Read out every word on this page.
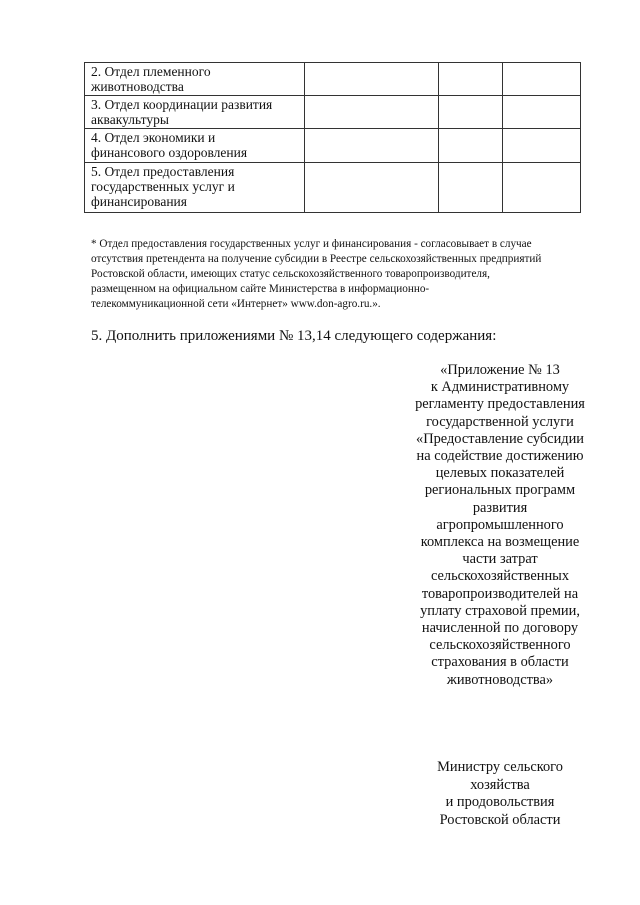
2. Отдел племенного
животноводства			
3. Отдел координации развития
аквакультуры			
4. Отдел экономики и
финансового оздоровления			
5. Отдел предоставления
государственных услуг и
финансирования			

* Отдел предоставления государственных услуг и финансирования - согласовывает в случае
отсутствия претендента на получение субсидии в Реестре сельскохозяйственных предприятий
Ростовской области, имеющих статус сельскохозяйственного товаропроизводителя,
размещенном на официальном сайте Министерства в информационно-
телекоммуникационной сети «Интернет» www.don-agro.ru.».

5. Дополнить приложениями № 13,14 следующего содержания:

«Приложение № 13
к Административному
регламенту предоставления
государственной услуги
«Предоставление субсидии
на содействие достижению
целевых показателей
региональных программ
развития
агропромышленного
комплекса на возмещение
части затрат
сельскохозяйственных
товаропроизводителей на
уплату страховой премии,
начисленной по договору
сельскохозяйственного
страхования в области
животноводства»
Министру сельского
хозяйства
и продовольствия
Ростовской области
